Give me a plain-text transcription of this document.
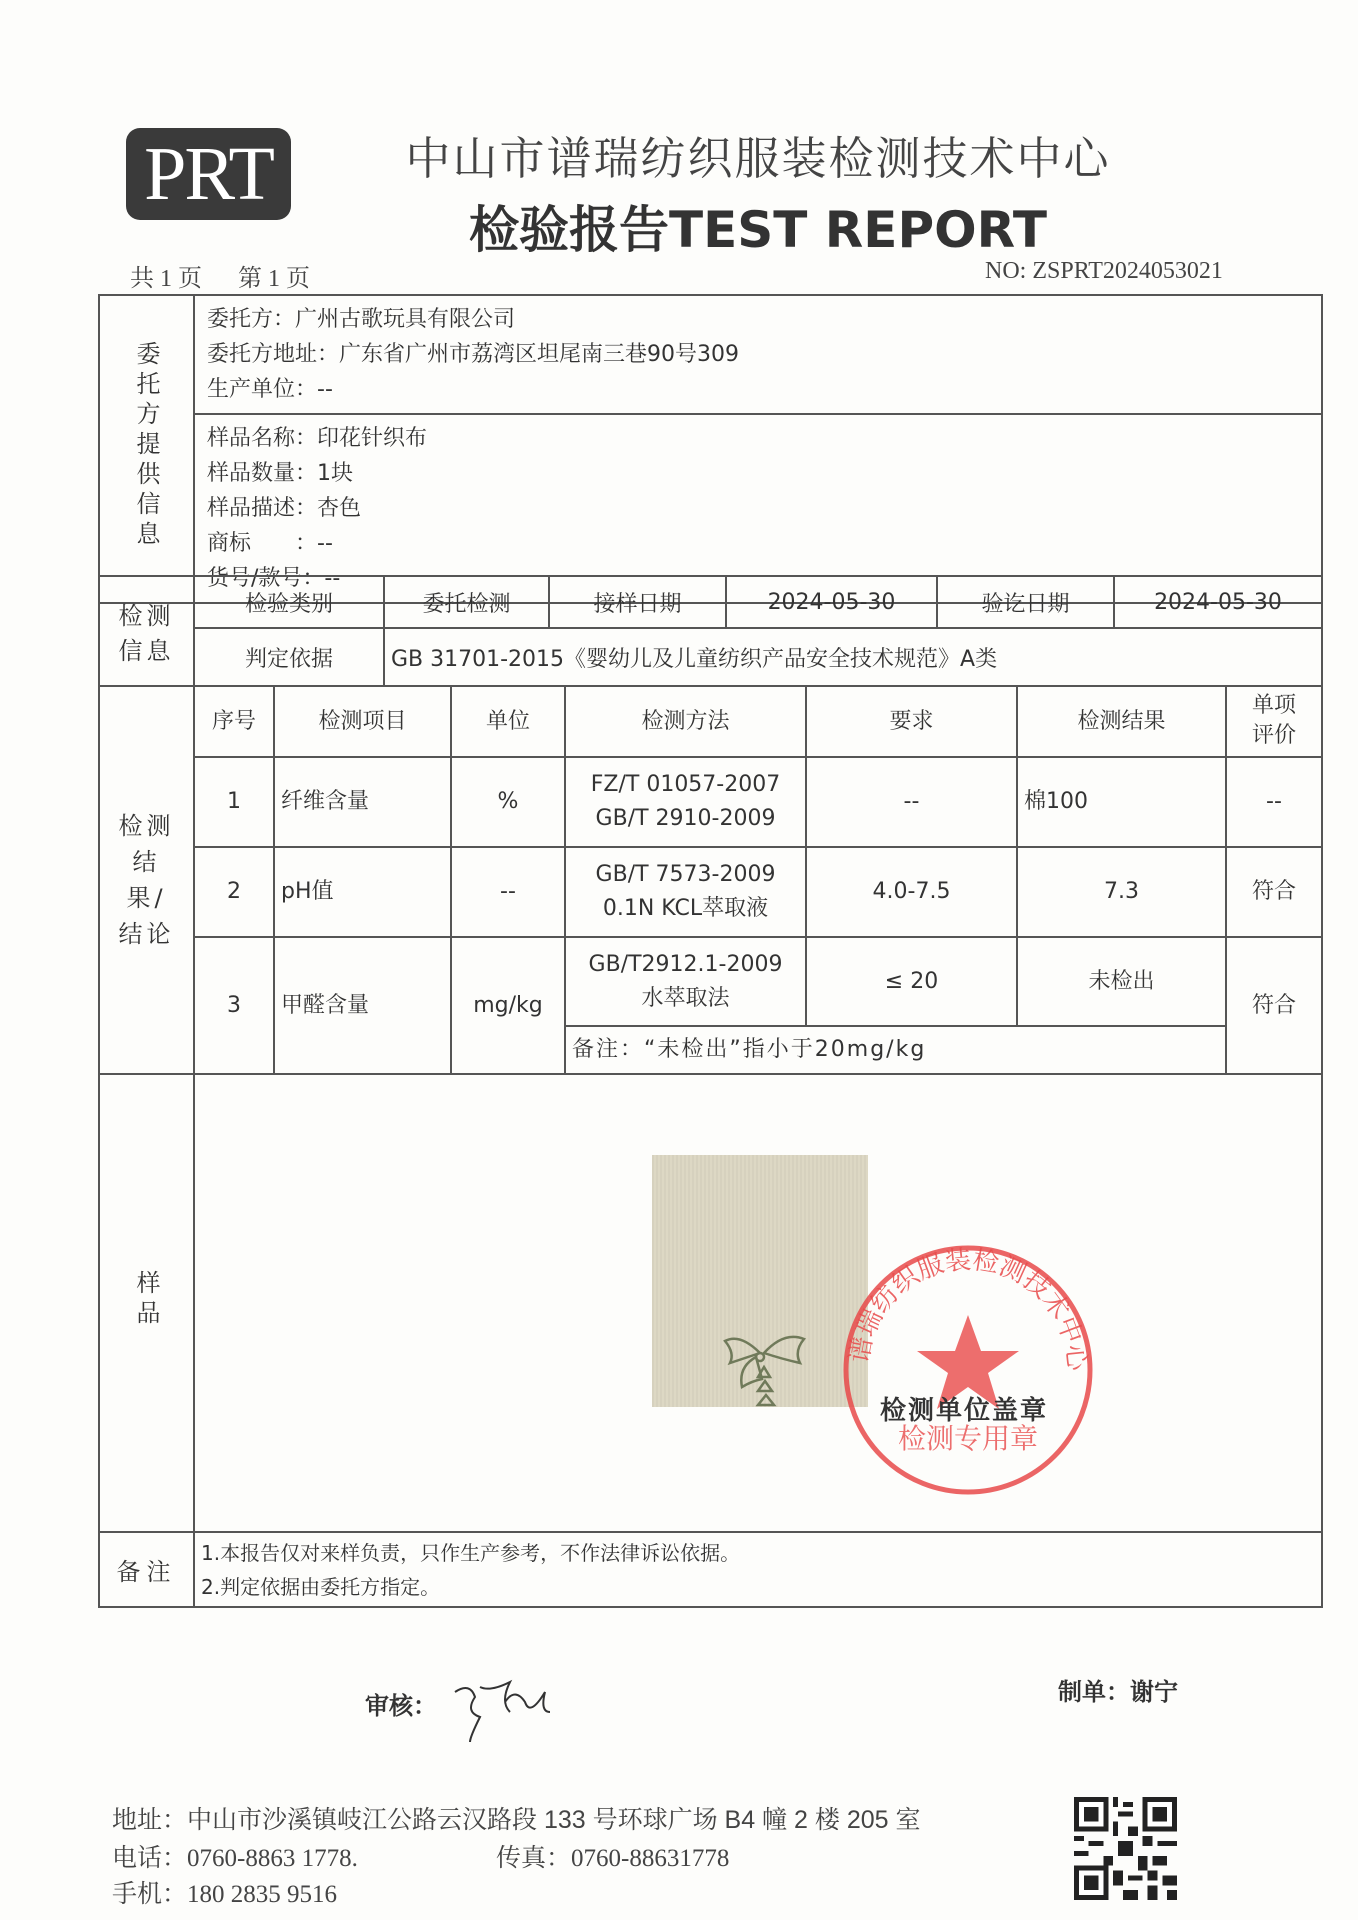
PRT	中山市谱瑞纺织服装检测技术中心
检验报告TEST REPORT
共 1 页 第 1 页	NO: ZSPRT2024053021
委托方提供信息	
委托方：广州古歌玩具有限公司
委托方地址：广东省广州市荔湾区坦尾南三巷90号309
生产单位：--

样品名称：印花针织布
样品数量：1块
样品描述：杏色
商标　　：--
货号/款号：--
检测信息	检验类别	委托检测	接样日期	2024-05-30	验讫日期	2024-05-30
	判定依据	GB 31701-2015《婴幼儿及儿童纺织产品安全技术规范》A类				
检测结果/结论	序号	检测项目	单位	检测方法	要求	检测结果	单项评价
	1	纤维含量	%	FZ/T 01057-2007
GB/T 2910-2009	--	棉100	--
	2	pH值	--	GB/T 7573-2009
0.1N KCL萃取液	4.0-7.5	7.3	符合
	3	甲醛含量	mg/kg	GB/T2912.1-2009
水萃取法	≤ 20	未检出	符合
				备注：“未检出”指小于20mg/kg			
样品	
备注	1.本报告仅对来样负责，只作生产参考，不作法律诉讼依据。
2.判定依据由委托方指定。
谱瑞纺织服装检测技术中心
检测专用章
检测单位盖章
审核：	制单：谢宁
地址：中山市沙溪镇岐江公路云汉路段 133 号环球广场 B4 幢 2 楼 205 室
电话：0760-8863 1778.	传真：0760-88631778
手机：180 2835 9516
